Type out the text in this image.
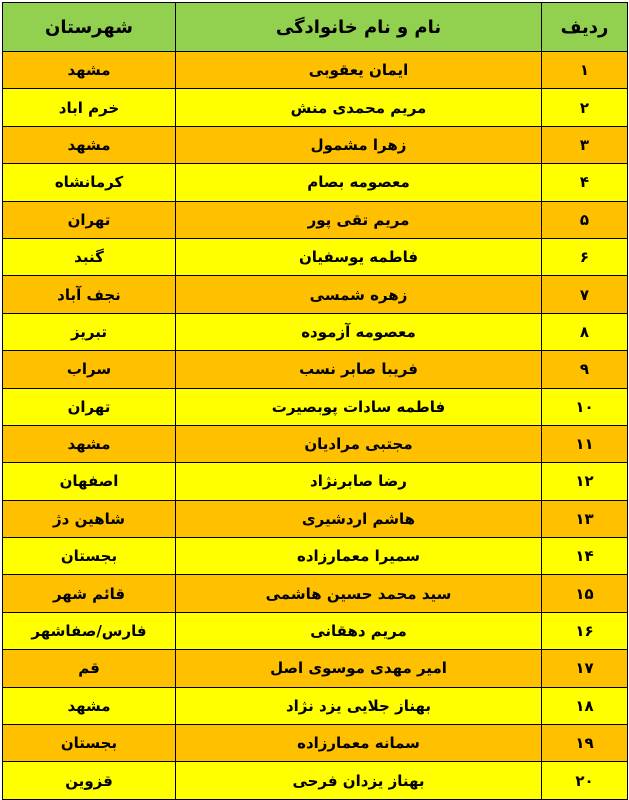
ردیف	نام و نام خانوادگی	شهرستان
۱	ایمان یعقوبی	مشهد
۲	مریم محمدی منش	خرم اباد
۳	زهرا مشمول	مشهد
۴	معصومه بصام	کرمانشاه
۵	مریم تقی پور	تهران
۶	فاطمه یوسفیان	گنبد
۷	زهره شمسی	نجف آباد
۸	معصومه آزموده	تبریز
۹	فریبا صابر نسب	سراب
۱۰	فاطمه سادات پوبصیرت	تهران
۱۱	مجتبی مرادیان	مشهد
۱۲	رضا صابرنژاد	اصفهان
۱۳	هاشم اردشیری	شاهین دژ
۱۴	سمیرا معمارزاده	بجستان
۱۵	سید محمد حسین هاشمی	قائم شهر
۱۶	مریم دهقانی	فارس/صفاشهر
۱۷	امیر مهدی موسوی اصل	قم
۱۸	بهناز جلایی یزد نژاد	مشهد
۱۹	سمانه معمارزاده	بجستان
۲۰	بهناز یزدان فرحی	قزوین
